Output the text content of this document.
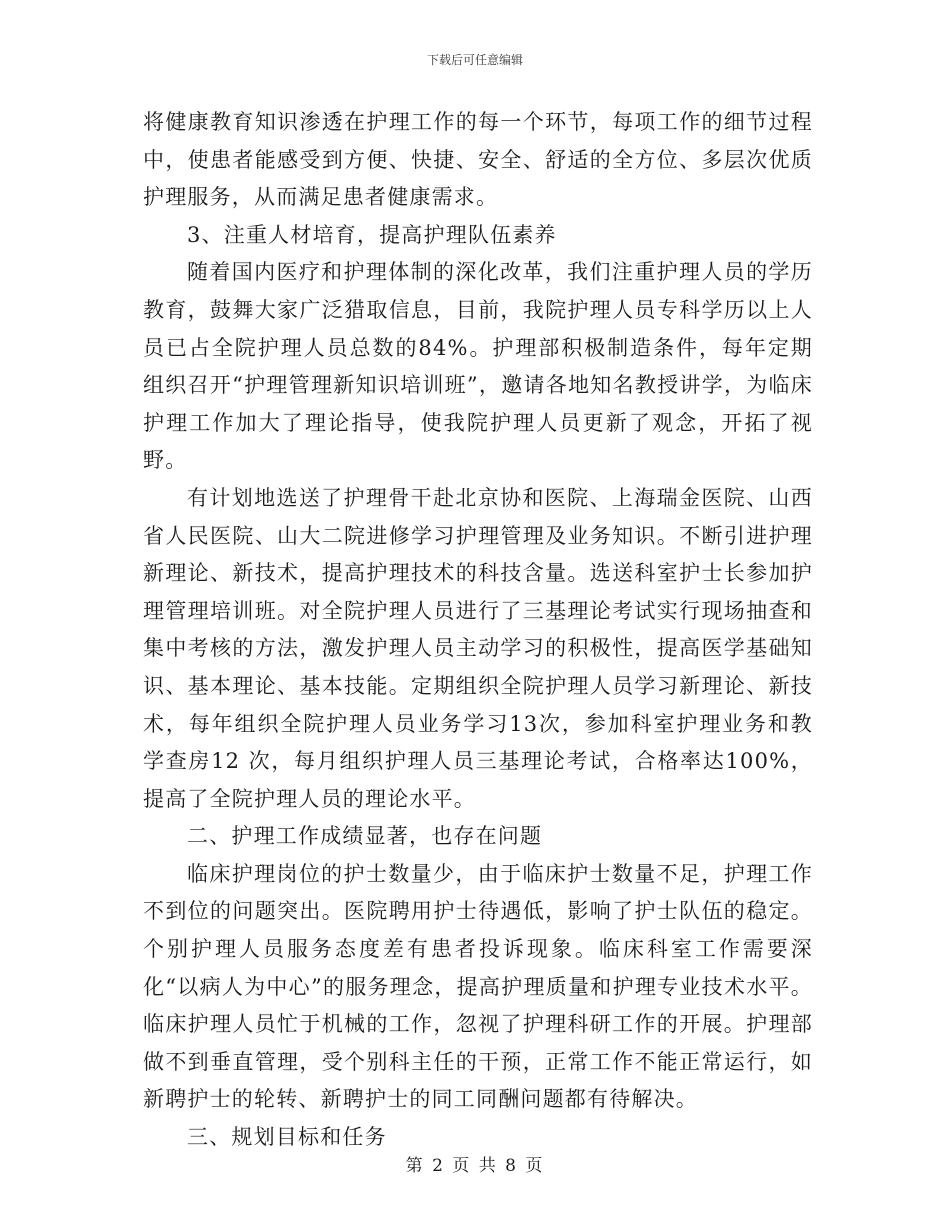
下载后可任意编辑

将健康教育知识渗透在护理工作的每一个环节，每项工作的细节过程中，使患者能感受到方便、快捷、安全、舒适的全方位、多层次优质护理服务，从而满足患者健康需求。

3、注重人材培育，提高护理队伍素养

随着国内医疗和护理体制的深化改革，我们注重护理人员的学历教育，鼓舞大家广泛猎取信息，目前，我院护理人员专科学历以上人员已占全院护理人员总数的84%。护理部积极制造条件，每年定期组织召开“护理管理新知识培训班”，邀请各地知名教授讲学，为临床护理工作加大了理论指导，使我院护理人员更新了观念，开拓了视野。

有计划地选送了护理骨干赴北京协和医院、上海瑞金医院、山西省人民医院、山大二院进修学习护理管理及业务知识。不断引进护理新理论、新技术，提高护理技术的科技含量。选送科室护士长参加护理管理培训班。对全院护理人员进行了三基理论考试实行现场抽查和集中考核的方法，激发护理人员主动学习的积极性，提高医学基础知识、基本理论、基本技能。定期组织全院护理人员学习新理论、新技术，每年组织全院护理人员业务学习13次，参加科室护理业务和教学查房12 次，每月组织护理人员三基理论考试，合格率达100%，提高了全院护理人员的理论水平。

二、护理工作成绩显著，也存在问题

临床护理岗位的护士数量少，由于临床护士数量不足，护理工作不到位的问题突出。医院聘用护士待遇低，影响了护士队伍的稳定。个别护理人员服务态度差有患者投诉现象。临床科室工作需要深化“以病人为中心”的服务理念，提高护理质量和护理专业技术水平。临床护理人员忙于机械的工作，忽视了护理科研工作的开展。护理部做不到垂直管理，受个别科主任的干预，正常工作不能正常运行，如新聘护士的轮转、新聘护士的同工同酬问题都有待解决。

三、规划目标和任务

第 2 页 共 8 页
